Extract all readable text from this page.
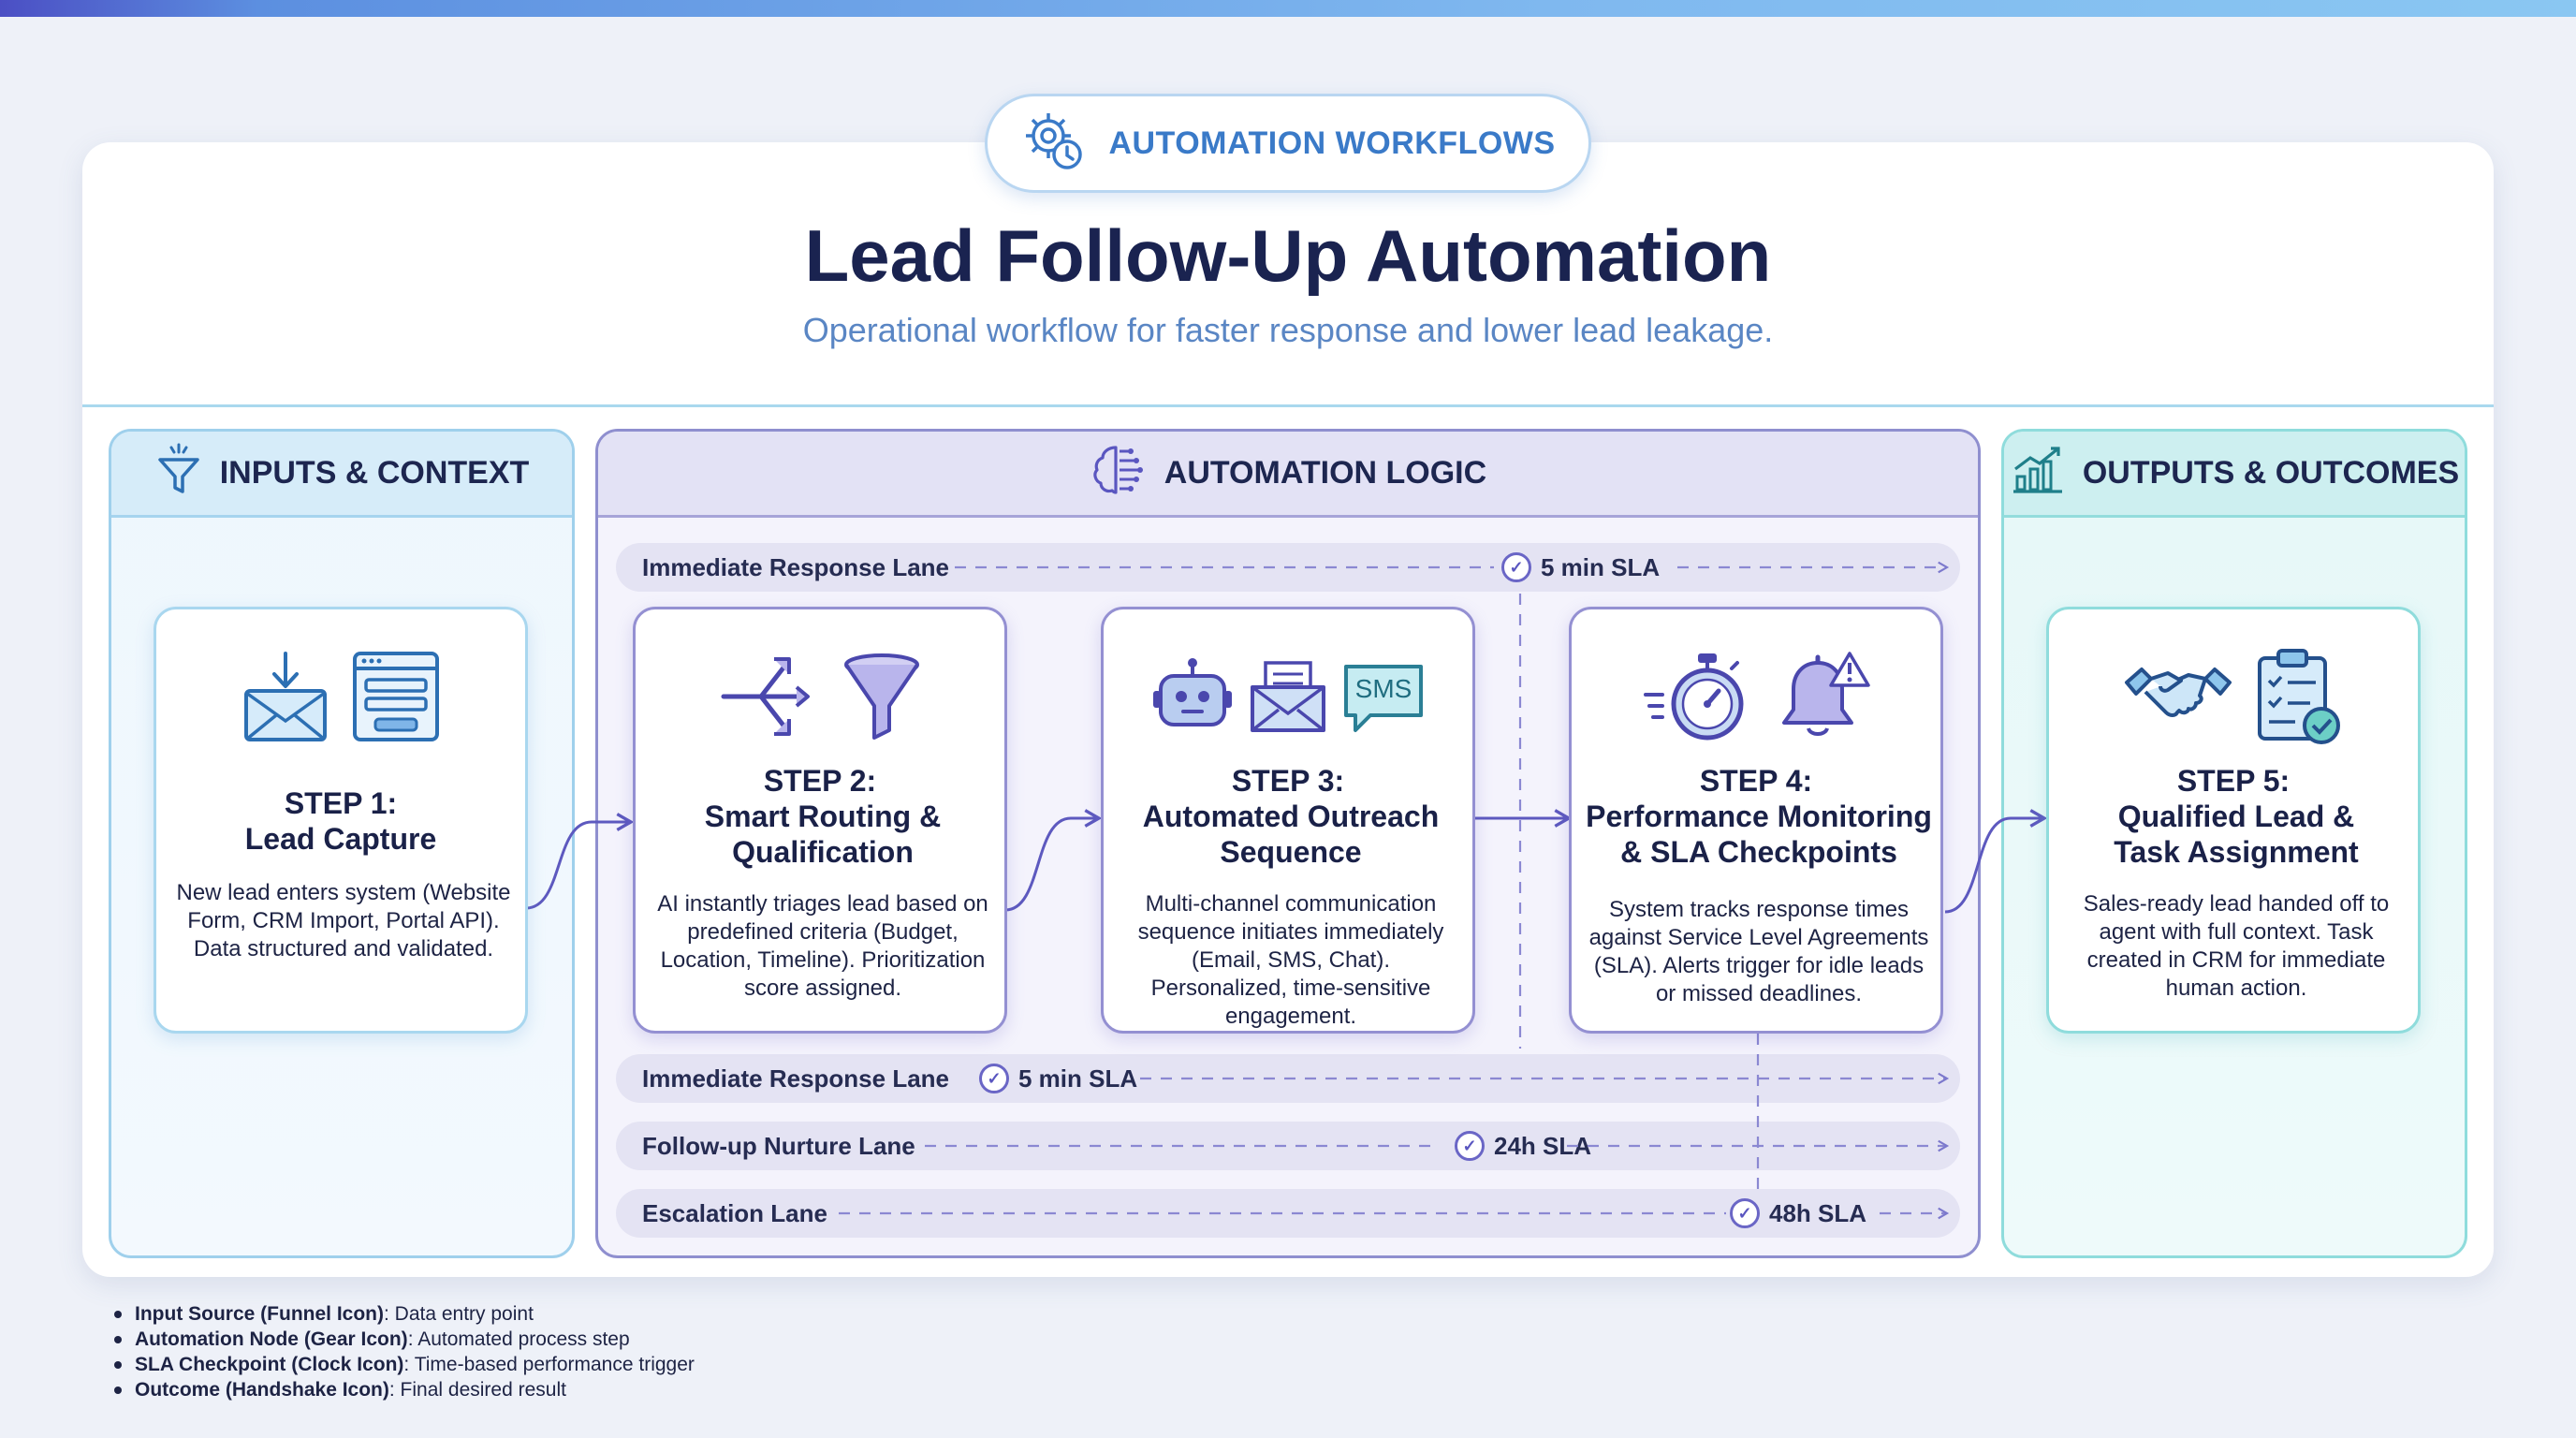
AUTOMATION WORKFLOWS
Lead Follow-Up Automation
Operational workflow for faster response and lower lead leakage.
INPUTS & CONTEXT	AUTOMATION LOGIC	OUTPUTS & OUTCOMES
Immediate Response Lane	✓ 5 min SLA
Immediate Response Lane	✓ 5 min SLA
Follow-up Nurture Lane	✓ 24h SLA
Escalation Lane	✓ 48h SLA
STEP 1:
Lead Capture
New lead enters system (Website Form, CRM Import, Portal API). Data structured and validated.
STEP 2:
Smart Routing & Qualification
AI instantly triages lead based on predefined criteria (Budget, Location, Timeline). Prioritization score assigned.
SMS
STEP 3:
Automated Outreach Sequence
Multi-channel communication sequence initiates immediately (Email, SMS, Chat). Personalized, time-sensitive engagement.
STEP 4:
Performance Monitoring & SLA Checkpoints
System tracks response times against Service Level Agreements (SLA). Alerts trigger for idle leads or missed deadlines.
STEP 5:
Qualified Lead & Task Assignment
Sales-ready lead handed off to agent with full context. Task created in CRM for immediate human action.
Input Source (Funnel Icon) : Data entry point
Automation Node (Gear Icon) : Automated process step
SLA Checkpoint (Clock Icon) : Time-based performance trigger
Outcome (Handshake Icon) : Final desired result
